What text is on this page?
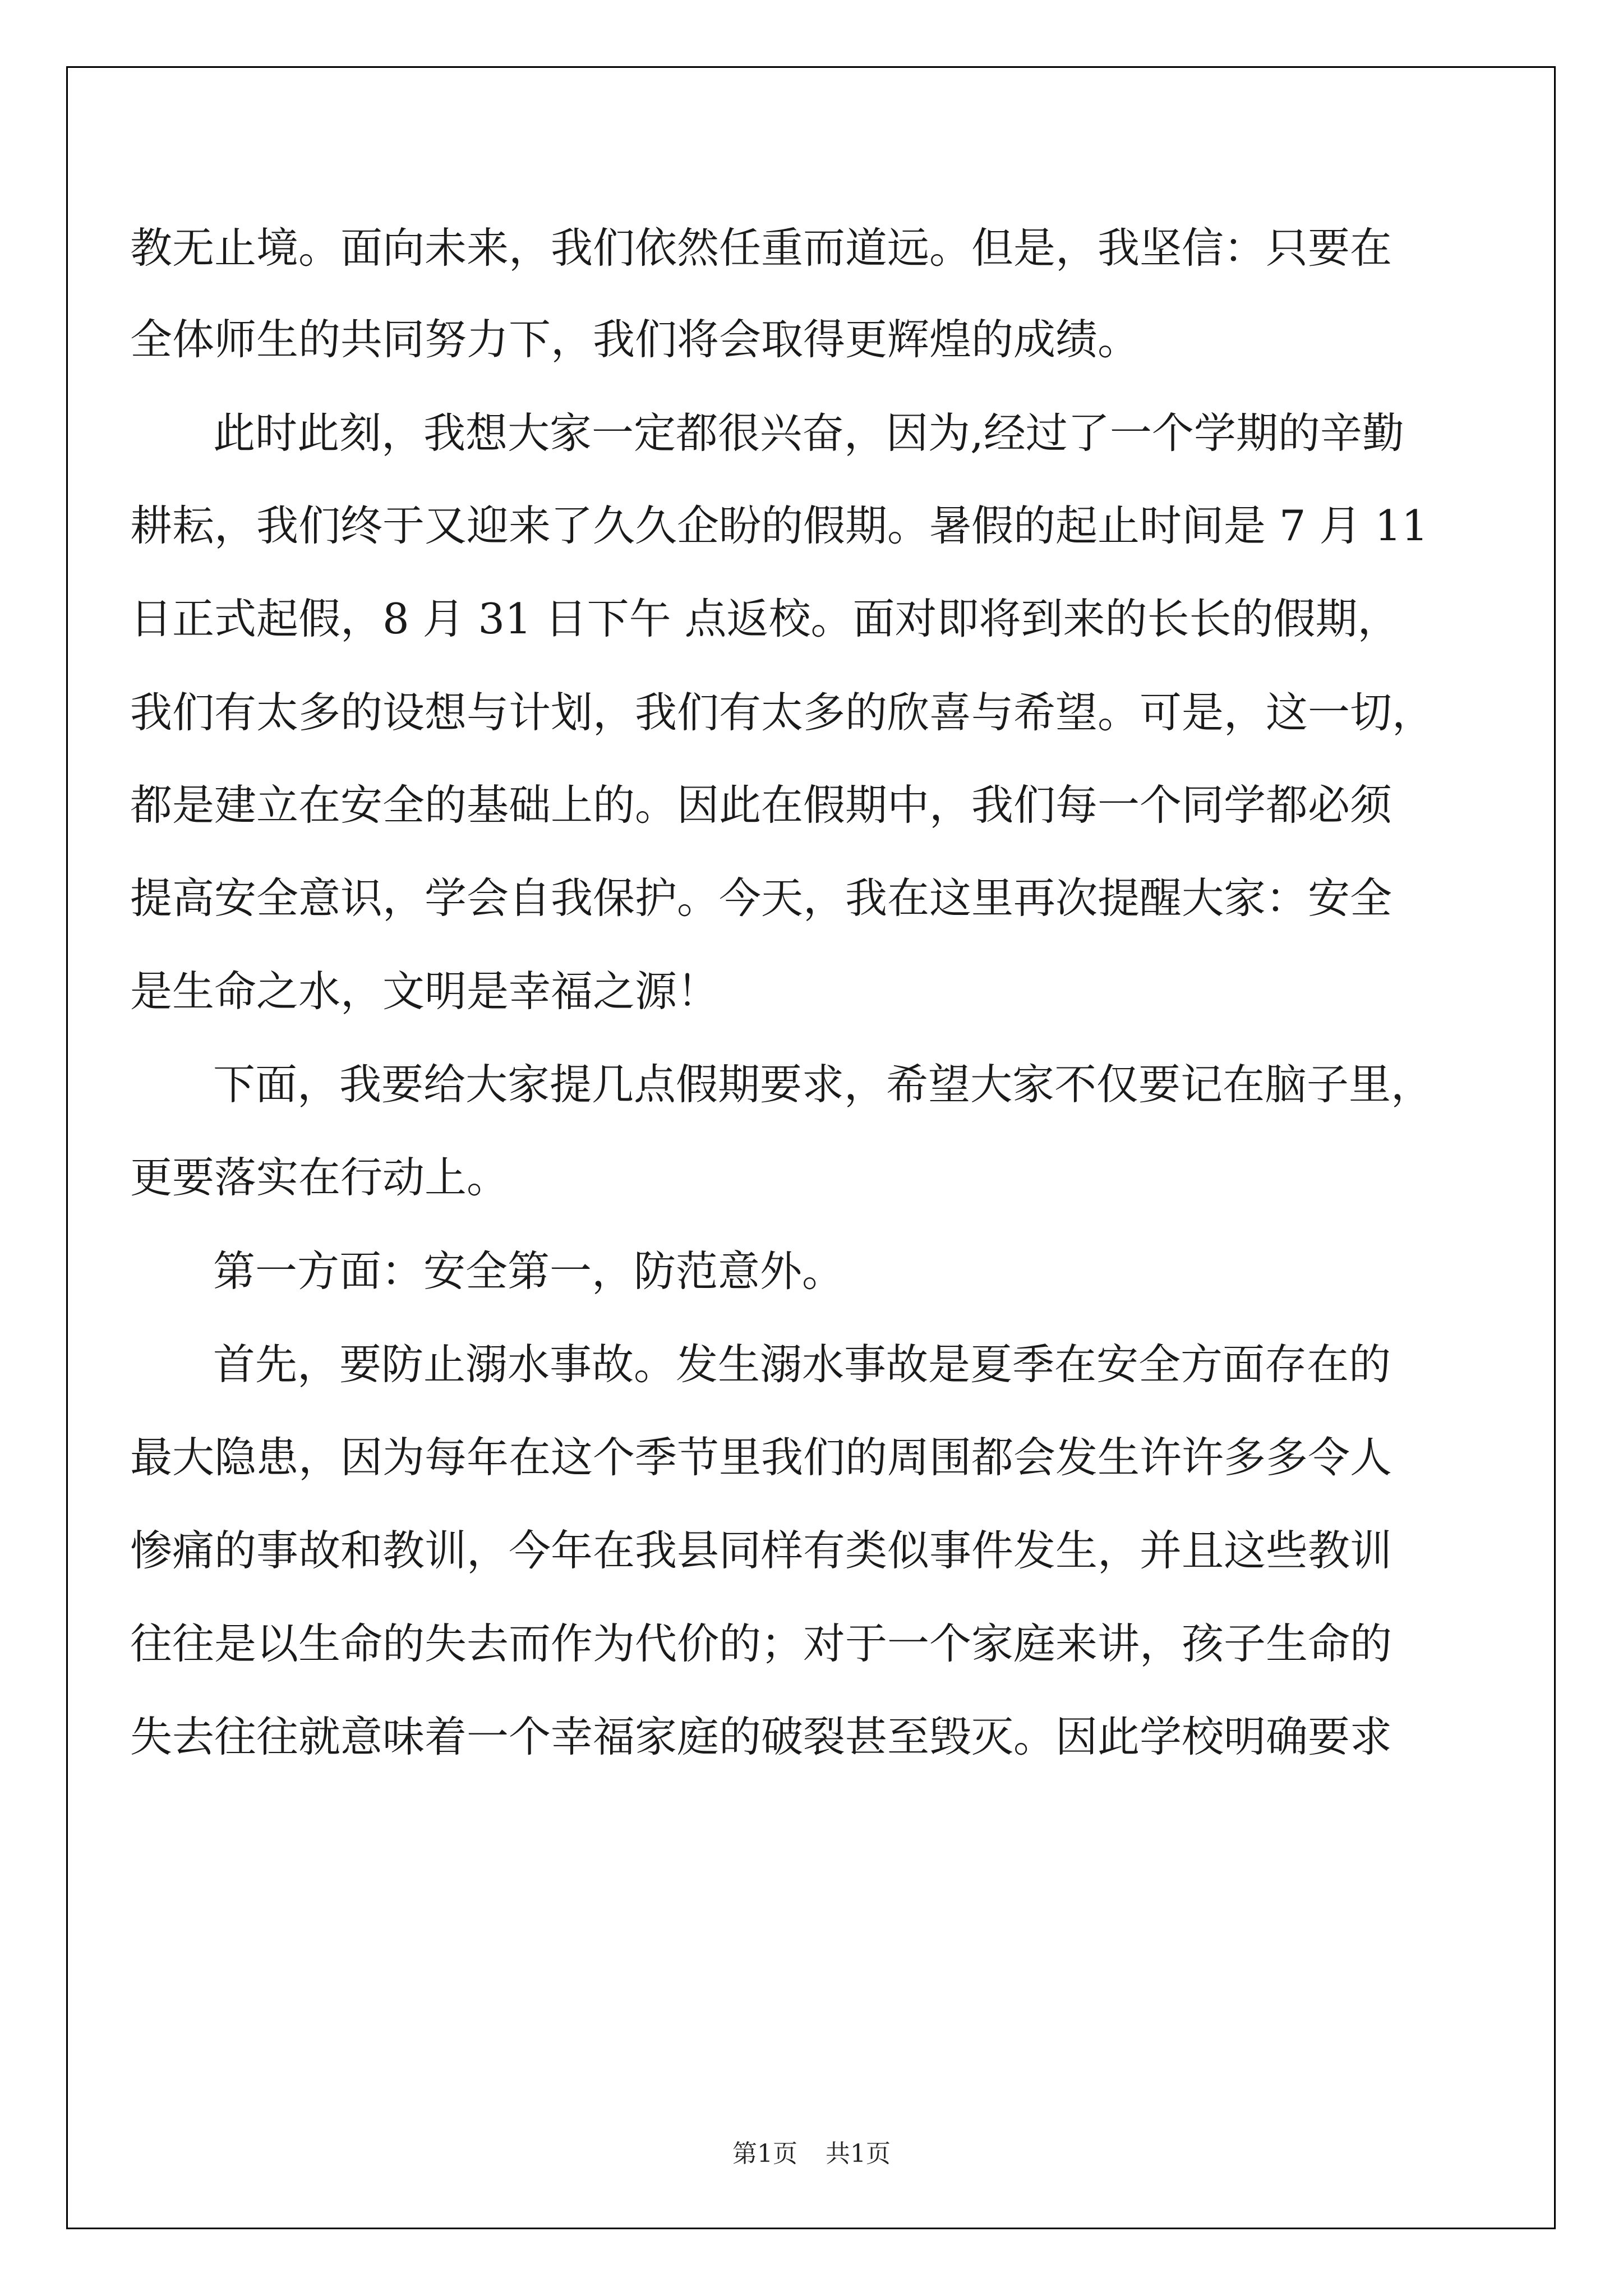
教无止境。面向未来，我们依然任重而道远。但是，我坚信：只要在
全体师生的共同努力下，我们将会取得更辉煌的成绩。
此时此刻，我想大家一定都很兴奋，因为,经过了一个学期的辛勤
耕耘，我们终于又迎来了久久企盼的假期。暑假的起止时间是 7 月 11
日正式起假，8 月 31 日下午 点返校。面对即将到来的长长的假期，
我们有太多的设想与计划，我们有太多的欣喜与希望。可是，这一切，
都是建立在安全的基础上的。因此在假期中，我们每一个同学都必须
提高安全意识，学会自我保护。今天，我在这里再次提醒大家：安全
是生命之水，文明是幸福之源！
下面，我要给大家提几点假期要求，希望大家不仅要记在脑子里，
更要落实在行动上。
第一方面：安全第一，防范意外。
首先，要防止溺水事故。发生溺水事故是夏季在安全方面存在的
最大隐患，因为每年在这个季节里我们的周围都会发生许许多多令人
惨痛的事故和教训，今年在我县同样有类似事件发生，并且这些教训
往往是以生命的失去而作为代价的；对于一个家庭来讲，孩子生命的
失去往往就意味着一个幸福家庭的破裂甚至毁灭。因此学校明确要求
第1页 共1页
